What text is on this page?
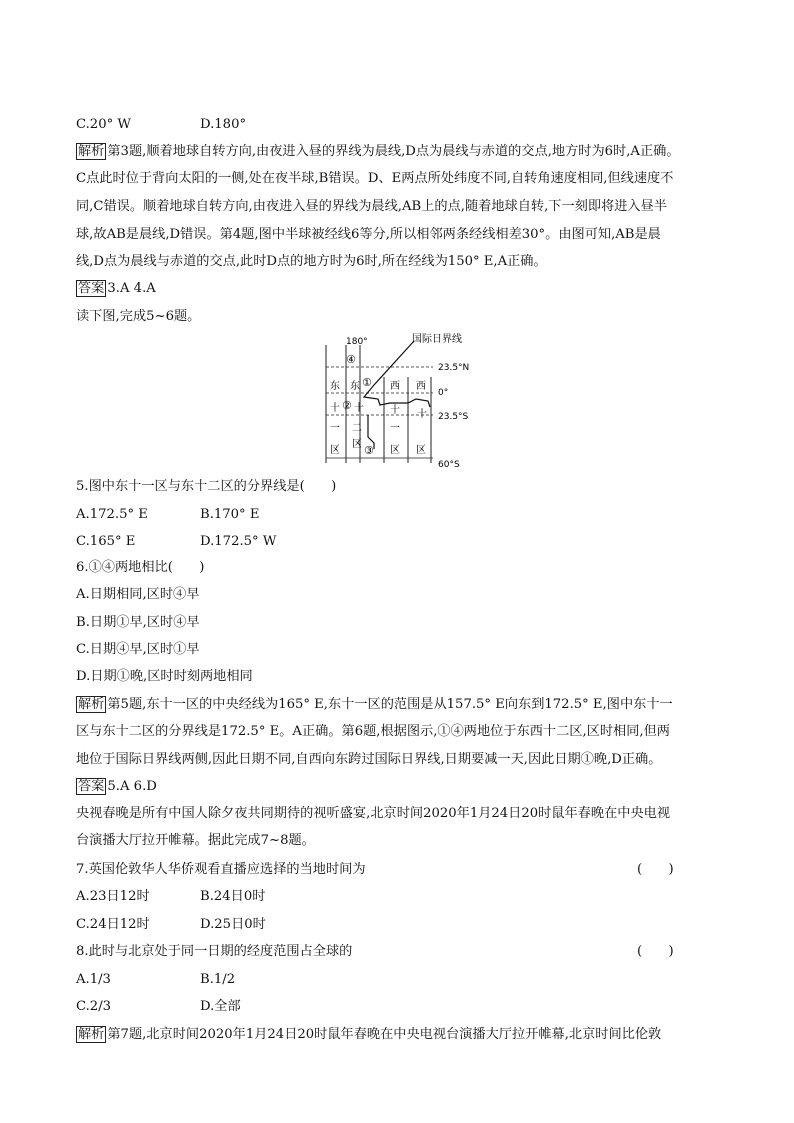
C.20° W	D.180°
解析 第3题,顺着地球自转方向,由夜进入昼的界线为晨线,D点为晨线与赤道的交点,地方时为6时,A正确。
C点此时位于背向太阳的一侧,处在夜半球,B错误。D、E两点所处纬度不同,自转角速度相同,但线速度不
同,C错误。顺着地球自转方向,由夜进入昼的界线为晨线,AB上的点,随着地球自转,下一刻即将进入昼半
球,故AB是晨线,D错误。第4题,图中半球被经线6等分,所以相邻两条经线相差30°。由图可知,AB是晨
线,D点为晨线与赤道的交点,此时D点的地方时为6时,所在经线为150° E,A正确。
答案 3.A 4.A
读下图,完成5~6题。
180°	国际日界线
23.5°N
0°
23.5°S
60°S
④
①
②
③
东
十
一
区
东
十
二
区
西
十
一
区
西
十
区
5.图中东十一区与东十二区的分界线是(　　)
A.172.5° E	B.170° E
C.165° E	D.172.5° W
6.①④两地相比(　　)
A.日期相同,区时④早
B.日期①早,区时④早
C.日期④早,区时①早
D.日期①晚,区时时刻两地相同
解析 第5题,东十一区的中央经线为165° E,东十一区的范围是从157.5° E向东到172.5° E,图中东十一
区与东十二区的分界线是172.5° E。A正确。第6题,根据图示,①④两地位于东西十二区,区时相同,但两
地位于国际日界线两侧,因此日期不同,自西向东跨过国际日界线,日期要减一天,因此日期①晚,D正确。
答案 5.A 6.D
央视春晚是所有中国人除夕夜共同期待的视听盛宴,北京时间2020年1月24日20时鼠年春晚在中央电视
台演播大厅拉开帷幕。据此完成7~8题。
7.英国伦敦华人华侨观看直播应选择的当地时间为	(　　)
A.23日12时	B.24日0时
C.24日12时	D.25日0时
8.此时与北京处于同一日期的经度范围占全球的	(　　)
A.1/3	B.1/2
C.2/3	D.全部
解析 第7题,北京时间2020年1月24日20时鼠年春晚在中央电视台演播大厅拉开帷幕,北京时间比伦敦
